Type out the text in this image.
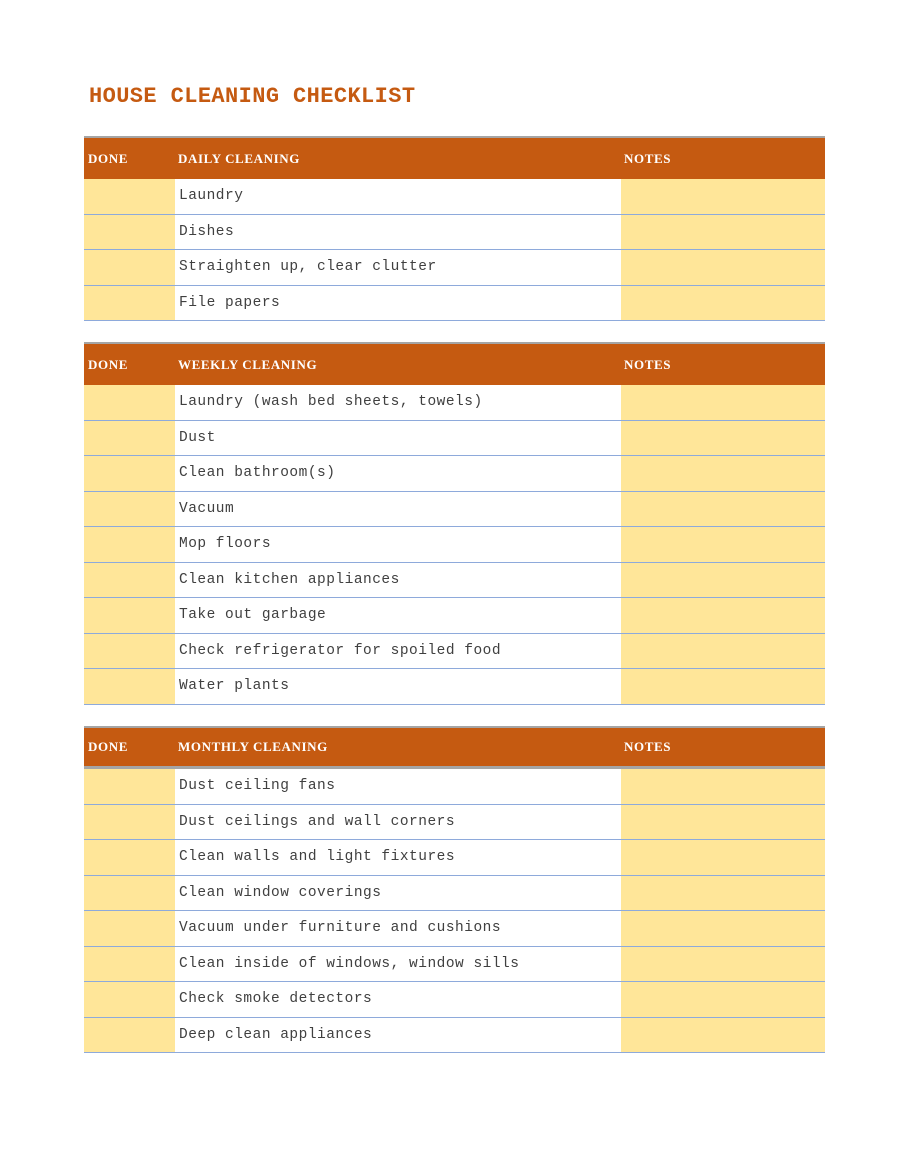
HOUSE CLEANING CHECKLIST
DONE	DAILY CLEANING	NOTES
Laundry
Dishes
Straighten up, clear clutter
File papers
DONE	WEEKLY CLEANING	NOTES
Laundry (wash bed sheets, towels)
Dust
Clean bathroom(s)
Vacuum
Mop floors
Clean kitchen appliances
Take out garbage
Check refrigerator for spoiled food
Water plants
DONE	MONTHLY CLEANING	NOTES
Dust ceiling fans
Dust ceilings and wall corners
Clean walls and light fixtures
Clean window coverings
Vacuum under furniture and cushions
Clean inside of windows, window sills
Check smoke detectors
Deep clean appliances
